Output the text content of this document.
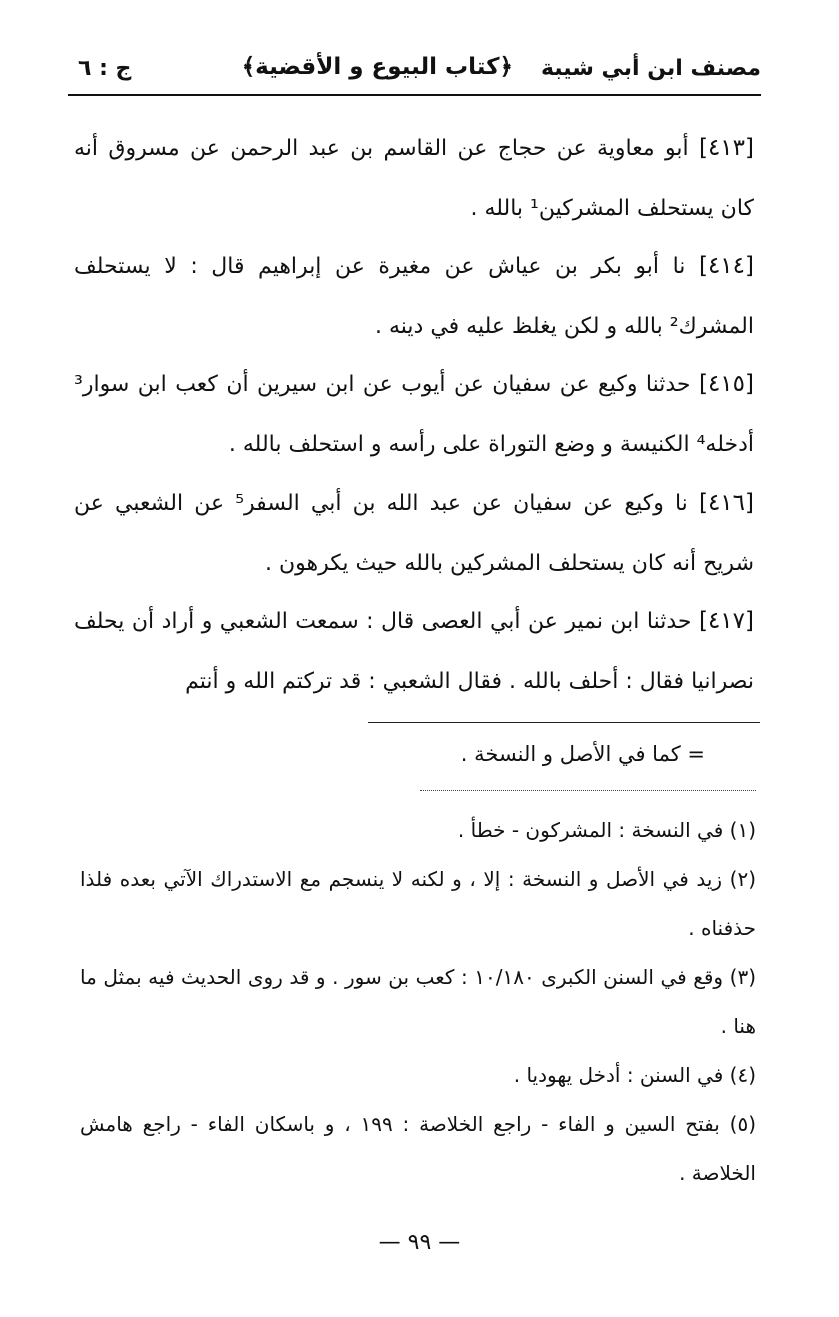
مصنف ابن أبي شيبة
﴿كتاب البيوع و الأقضية﴾
ج : ٦
[٤١٣] أبو معاوية عن حجاج عن القاسم بن عبد الرحمن عن مسروق أنه كان يستحلف المشركين¹ بالله .
[٤١٤] نا أبو بكر بن عياش عن مغيرة عن إبراهيم قال : لا يستحلف المشرك² بالله و لكن يغلظ عليه في دينه .
[٤١٥] حدثنا وكيع عن سفيان عن أيوب عن ابن سيرين أن كعب ابن سوار³ أدخله⁴ الكنيسة و وضع التوراة على رأسه و استحلف بالله .
[٤١٦] نا وكيع عن سفيان عن عبد الله بن أبي السفر⁵ عن الشعبي عن شريح أنه كان يستحلف المشركين بالله حيث يكرهون .
[٤١٧] حدثنا ابن نمير عن أبي العصى قال : سمعت الشعبي و أراد أن يحلف نصرانيا فقال : أحلف بالله . فقال الشعبي : قد تركتم الله و أنتم
= كما في الأصل و النسخة .
(١) في النسخة : المشركون - خطأ .
(٢) زيد في الأصل و النسخة : إلا ، و لكنه لا ينسجم مع الاستدراك الآتي بعده فلذا حذفناه .
(٣) وقع في السنن الكبرى ١٠/١٨٠ : كعب بن سور . و قد روى الحديث فيه بمثل ما هنا .
(٤) في السنن : أدخل يهوديا .
(٥) بفتح السين و الفاء - راجع الخلاصة : ١٩٩ ، و باسكان الفاء - راجع هامش الخلاصة .
— ٩٩ —
